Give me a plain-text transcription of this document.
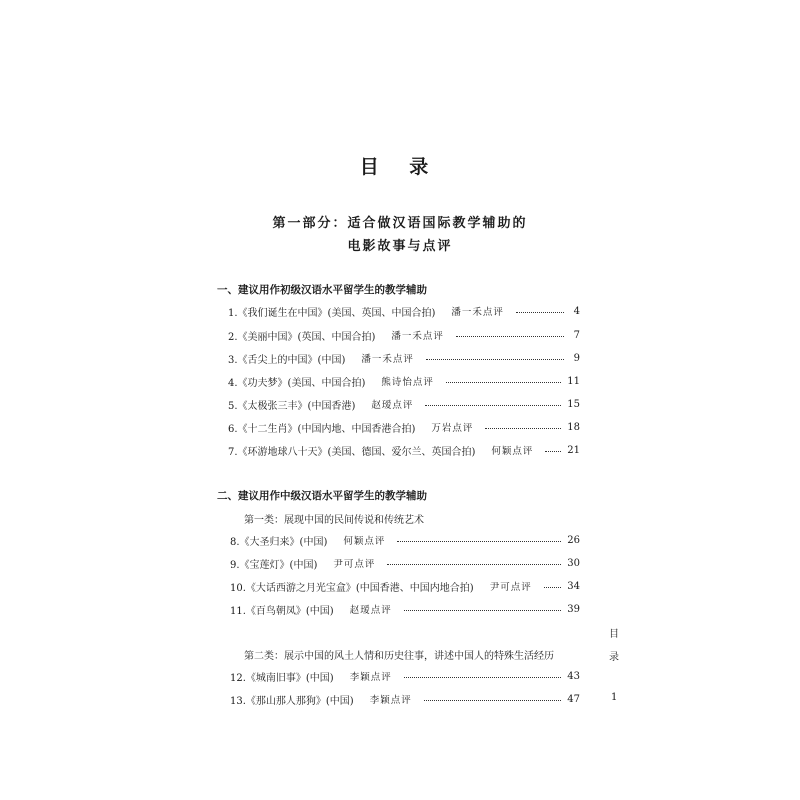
目 录
第一部分：适合做汉语国际教学辅助的
电影故事与点评
一、建议用作初级汉语水平留学生的教学辅助
1.《我们诞生在中国》(美国、英国、中国合拍) 潘一禾点评	4
2.《美丽中国》(英国、中国合拍) 潘一禾点评	7
3.《舌尖上的中国》(中国) 潘一禾点评	9
4.《功夫梦》(美国、中国合拍) 熊诗怡点评	11
5.《太极张三丰》(中国香港) 赵瑷点评	15
6.《十二生肖》(中国内地、中国香港合拍) 万岩点评	18
7.《环游地球八十天》(美国、德国、爱尔兰、英国合拍) 何颖点评	21
二、建议用作中级汉语水平留学生的教学辅助
第一类：展现中国的民间传说和传统艺术
8.《大圣归来》(中国) 何颖点评	26
9.《宝莲灯》(中国) 尹可点评	30
10.《大话西游之月光宝盒》(中国香港、中国内地合拍) 尹可点评	34
11.《百鸟朝凤》(中国) 赵瑷点评	39
第二类：展示中国的风土人情和历史往事，讲述中国人的特殊生活经历
12.《城南旧事》(中国) 李颖点评	43
13.《那山那人那狗》(中国) 李颖点评	47
目
录
1
